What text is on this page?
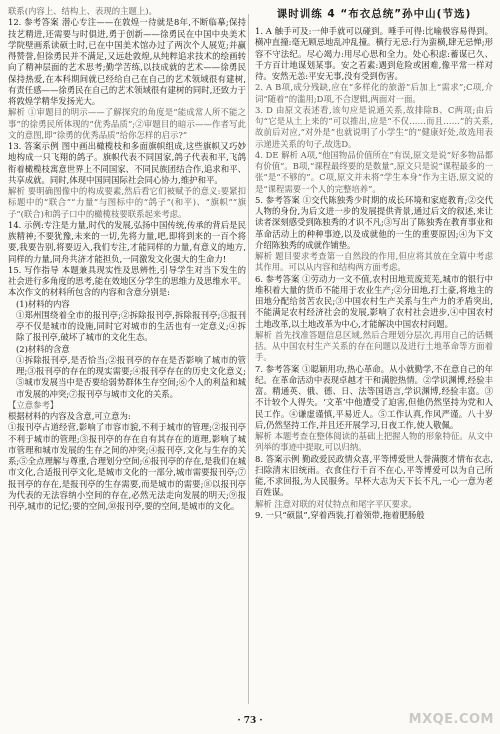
联系(内容上、结构上、表现的主题上)。

12. 参考答案 潜心专注——在敦煌一待就是8年,不断临摹;保持技艺精进,还需要与时俱进,勇于创新——徐勇民在中国中央美术学院壁画系读硕士时,已在中国美术馆办过了两次个人展览;并赢得赞誉,但徐勇民并不满足,又远赴敦煌,从纯粹追求技术的绘画转向了精神层面的艺术思考;勤学苦练,以技成就的艺术——徐勇民保持热爱,在本科期间就已经给自己在自己的艺术领域很有建树,有责任感——徐勇民在自己的艺术领域很有建树的同时,还致力于将敦煌学精华发扬光大。

解析 ①审题目的明示——了解探究的角度是“能成常人所不能之事”的徐勇民所体现的“优秀品质”;②审题目的暗示——作者写此文的意图,即“徐勇的优秀品质”给你怎样的启示?”

13. 答案示例 图中画出橄榄枝和多面旗帜组成,这些旗帜又巧妙地构成一只飞翔的鸽子。旗帜代表不同国家,鸽子代表和平,飞鸽衔着橄榄枝寓意世界上不同国家、不同民族团结合作,追求和平、共享成就。同时,体现中国同国际社会同心协力,维护和平。

解析 要明确图像中的构成要素,然后看它们被赋予的意义:要紧扣标题中的“联合”“力量”与图标中的“鸽子”(和平)、“旗帜”“旗子”(联合)和鸽子口中的橄榄枝要联系起来考虑。

14. 示例:专注是力量,时代的发展,弘扬中国传统,传承的背后是民族精神;不要犹豫,未来的一切,先将力量,吧,即将到来的一百个将要,我要告别,将要迈入,我们专注,才能同样的力量,有意义的地方,同样的力量,同舟共济才能担负,一同激发文化强大的生命力!

15. 写作指导 本题兼具现实性及思辨性,引导学生对当下发生的社会进行多角度的思考,能在效地区分学生的思维力及思维水平。本次作文的材料所包含的内容和含意分别是:

(1)材料的内容

①郑州围绕着全市的报刊亭;②拆除报刊亭,拆除报刊亭;③报刊亭不仅是城市的设施,同时它对城市的生活也有一定意义;④拆除了报刊亭,破坏了城市的文化生态。

(2)材料的含意

①拆除报刊亭,是否恰当;②报刊亭的存在是否影响了城市的管理;③报刊亭的存在的现实需要;④报刊亭存在的历史文化意义;⑤城市发展当中是否要给弱势群体生存空间;⑥个人的利益和城市发展的冲突;⑦报刊亭与城市文化的关系。

【立意参考】

根据材料的内容及含意,可立意为:

①报刊亭占道经营,影响了市容市貌,不利于城市的管理;②报刊亭不利于城市的管理;③报刊亭的存在自有其存在的道理,影响了城市管理和城市发展的生存之间的冲突;④报刊亭,文化与生存的关系;⑤全点理解与尊重,合理划分空间;⑥报刊亭的存在,是我们在城市文化,合适报刊亭文化,是城市文化的一部分,城市需要报刊亭;⑦报刊亭的存在,是报刊亭的生存需要,而是城市的需要;⑧以报刊亭为代表的无法容纳小空间的存在,必然无法走向发展的明天;⑨报刊亭,城市的记忆;要的空间,⑩报刊亭,要的空间,是城市的文化。

课时训练 4 “布衣总统”孙中山(节选)

1. A 触手可及:一伸手就可以碰到。唾手可得:比喻极容易得到。横冲直撞:毫无顾忌地乱冲乱撞。横行无忌:行为蛮横,肆无忌惮;形容不守法纪。尽心竭力:用尽心思和全力。处心积虑:蓄谋已久、千方百计地谋划某事。安之若素:遇到危险或困难,像平常一样对待。安然无恙:平安无事,没有受到伤害。

2. A B项,成分残缺,应在“多样化的旅游”后加上“需求”;C项,介词“随着”的滥用;D项,不合逻辑,两面对一面。

3. D 由原文表述看,该句应是说通关系,故排除B、C两项;由后句“它是从土上来的”可以推出,应是“不仅……而且……”的关系,故前后对应,“对外是”也就说明了小学生“的”健康好处,故选用表示递进关系的句子,故选D。

4. DE 解析 A项,“他国物品价值所在”有误,原文是说“好多物品都有价值”。B项,“课程最终要的是数量”,原文只是说“课程最多的一张”是“不够的”。C项,原文并未将“学生本身”作为主语,原文说的是“课程需要一个人的完整培养”。

5. 参考答案 ①交代陈独秀少时期的成长环境和家庭教育;②交代人物的身份,为后文进一步的发展提供背景,通过后文的叙述,来让读者深刻感受到陈独秀的才识不凡;③写出了陈独秀在教育事业和革命活动上的种种事迹,以及成就他的一生的重要原因;④为下文介绍陈独秀的成就作铺垫。

解析 题目要求考查第一自然段的作用,但应将其放在全篇中考虑其作用。可以从内容和结构两方面考虑。

6. 参考答案 ①劳动力一文不值,农村田地荒废荒芜,城市的银行中堆积着大量的货币不能用于农业生产;②分田地,打土豪,将地主的田地分配给贫苦农民;③中国农村生产关系与生产力的矛盾突出,不能满足农村经济社会的发展,影响了农村社会进步,④中国农村土地改革,以土地改革为中心,才能解决中国农村问题。

解析 首先找准答题信息区域,然后合理划分层次,再用自己的话概括。从中国农村生产关系的存在问题以及进行土地革命等方面着手。

7. 参考答案 ①聪颖用功,热心革命。从小就勤学,不在意自己的年纪。在革命活动中表现卓越才干和满腔热情。②学识渊博,经验丰富。精通英、俄、德、日、法等国语言,学识渊博,经验丰富。③不计较个人得失。‘文革’中他遭受了迫害,但他仍然坚持为党和人民工作。④谦虚谨慎,平易近人。⑤工作认真,作风严谨。八十岁后,仍然坚持工作,并且还开展学习,日夜工作,使人敬佩。

解析 本题考查在整体阅读的基础上把握人物的形象特征。从文中列举的事迹中提取,可以归纳。

8. 答案示例 勤政爱民政情众喜,平等博爱世人誉满腹才情布衣志,扫除清末旧统雨。衣食住行千百不在心,平等博爱可以为自己所能,不求回报,为人民服务。早杯大志为天下长不凡,一心一意为老百姓谋。

解析 注意对联的对仗特点和尾字平仄要求。

9. 一只“硕鼠”,穿着西装,打着领带,拖着肥肠般

· 73 ·	MXQE.COM
